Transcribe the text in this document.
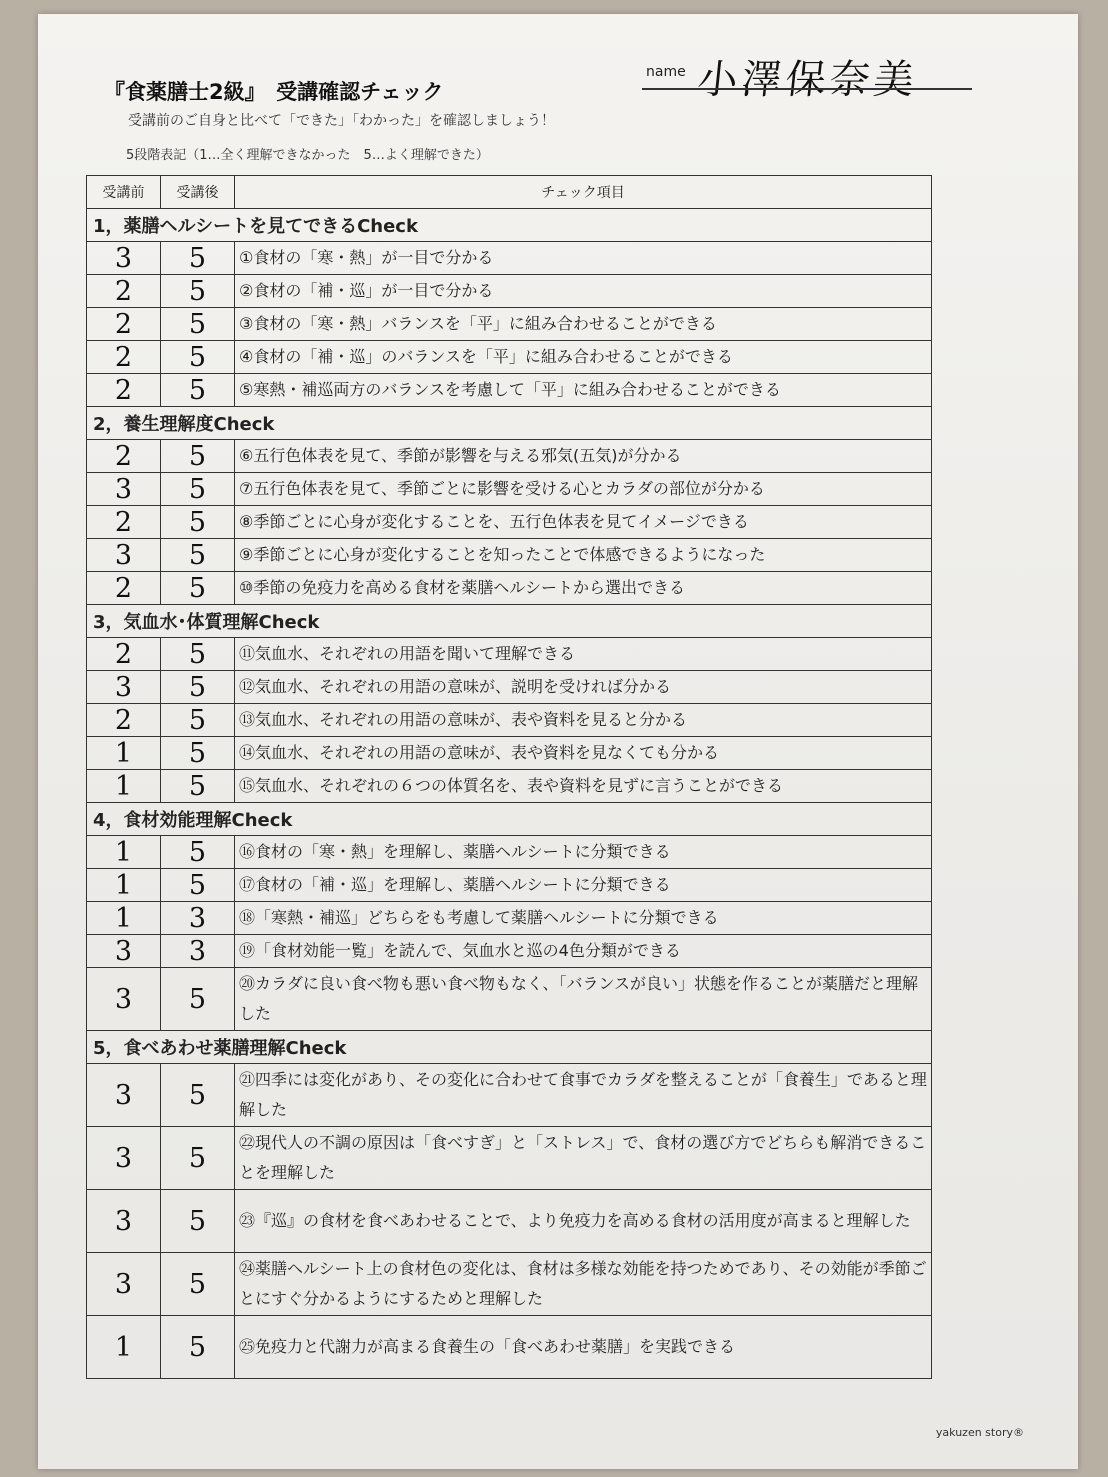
name 小澤保奈美
『食薬膳士2級』　受講確認チェック
受講前のご自身と比べて「できた」「わかった」を確認しましょう！
5段階表記（1…全く理解できなかった　5…よく理解できた）
受講前	受講後	チェック項目
1，薬膳ヘルシートを見てできるCheck		
3	5	①食材の「寒・熱」が一目で分かる
2	5	②食材の「補・巡」が一目で分かる
2	5	③食材の「寒・熱」バランスを「平」に組み合わせることができる
2	5	④食材の「補・巡」のバランスを「平」に組み合わせることができる
2	5	⑤寒熱・補巡両方のバランスを考慮して「平」に組み合わせることができる
2，養生理解度Check		
2	5	⑥五行色体表を見て、季節が影響を与える邪気(五気)が分かる
3	5	⑦五行色体表を見て、季節ごとに影響を受ける心とカラダの部位が分かる
2	5	⑧季節ごとに心身が変化することを、五行色体表を見てイメージできる
3	5	⑨季節ごとに心身が変化することを知ったことで体感できるようになった
2	5	⑩季節の免疫力を高める食材を薬膳ヘルシートから選出できる
3，気血水･体質理解Check		
2	5	⑪気血水、それぞれの用語を聞いて理解できる
3	5	⑫気血水、それぞれの用語の意味が、説明を受ければ分かる
2	5	⑬気血水、それぞれの用語の意味が、表や資料を見ると分かる
1	5	⑭気血水、それぞれの用語の意味が、表や資料を見なくても分かる
1	5	⑮気血水、それぞれの６つの体質名を、表や資料を見ずに言うことができる
4，食材効能理解Check		
1	5	⑯食材の「寒・熱」を理解し、薬膳ヘルシートに分類できる
1	5	⑰食材の「補・巡」を理解し、薬膳ヘルシートに分類できる
1	3	⑱「寒熱・補巡」どちらをも考慮して薬膳ヘルシートに分類できる
3	3	⑲「食材効能一覧」を読んで、気血水と巡の4色分類ができる
3	5	⑳カラダに良い食べ物も悪い食べ物もなく、「バランスが良い」状態を作ることが薬膳だと理解した
5，食べあわせ薬膳理解Check		
3	5	㉑四季には変化があり、その変化に合わせて食事でカラダを整えることが「食養生」であると理解した
3	5	㉒現代人の不調の原因は「食べすぎ」と「ストレス」で、食材の選び方でどちらも解消できることを理解した
3	5	㉓『巡』の食材を食べあわせることで、より免疫力を高める食材の活用度が高まると理解した
3	5	㉔薬膳ヘルシート上の食材色の変化は、食材は多様な効能を持つためであり、その効能が季節ごとにすぐ分かるようにするためと理解した
1	5	㉕免疫力と代謝力が高まる食養生の「食べあわせ薬膳」を実践できる
yakuzen story®
